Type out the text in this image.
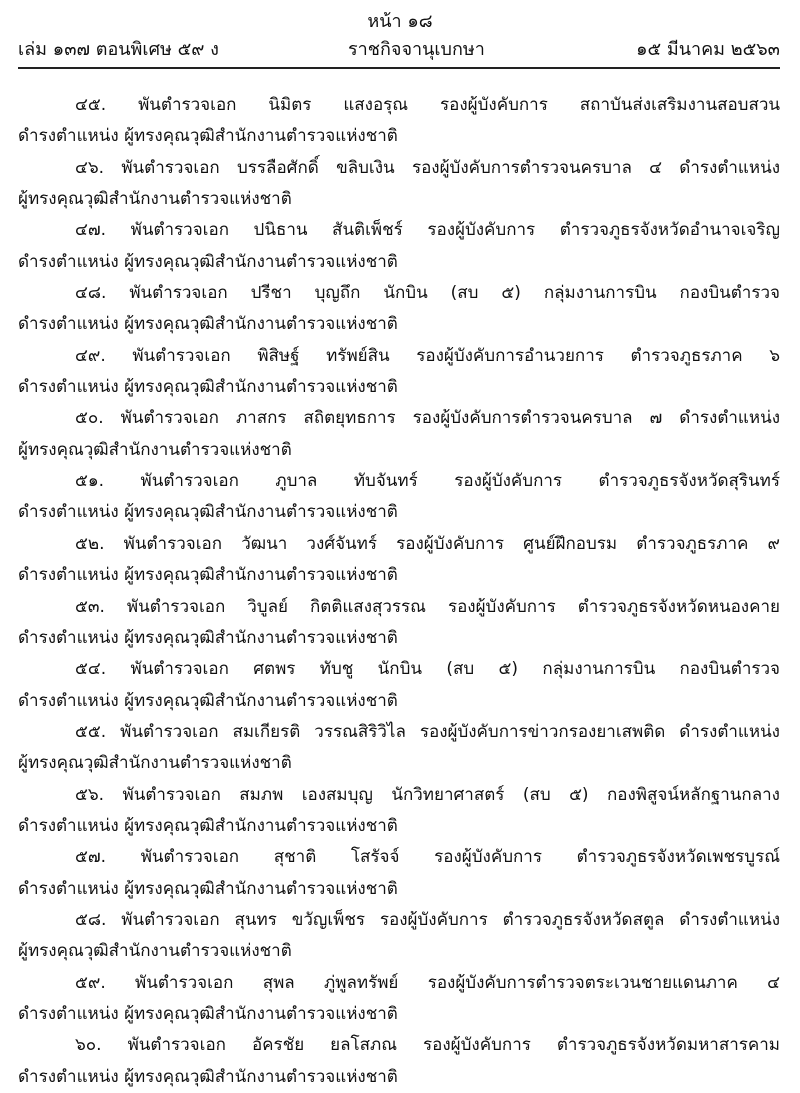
หน้า ๑๘
เล่ม ๑๓๗ ตอนพิเศษ ๕๙ ง	ราชกิจจานุเบกษา	๑๕ มีนาคม ๒๕๖๓
๔๕. พันตำรวจเอก นิมิตร แสงอรุณ รองผู้บังคับการ สถาบันส่งเสริมงานสอบสวน
ดำรงตำแหน่ง ผู้ทรงคุณวุฒิสำนักงานตำรวจแห่งชาติ
๔๖. พันตำรวจเอก บรรลือศักดิ์ ขลิบเงิน รองผู้บังคับการตำรวจนครบาล ๔ ดำรงตำแหน่ง
ผู้ทรงคุณวุฒิสำนักงานตำรวจแห่งชาติ
๔๗. พันตำรวจเอก ปนิธาน สันติเพ็ชร์ รองผู้บังคับการ ตำรวจภูธรจังหวัดอำนาจเจริญ
ดำรงตำแหน่ง ผู้ทรงคุณวุฒิสำนักงานตำรวจแห่งชาติ
๔๘. พันตำรวจเอก ปรีชา บุญถึก นักบิน (สบ ๕) กลุ่มงานการบิน กองบินตำรวจ
ดำรงตำแหน่ง ผู้ทรงคุณวุฒิสำนักงานตำรวจแห่งชาติ
๔๙. พันตำรวจเอก พิสิษฐ์ ทรัพย์สิน รองผู้บังคับการอำนวยการ ตำรวจภูธรภาค ๖
ดำรงตำแหน่ง ผู้ทรงคุณวุฒิสำนักงานตำรวจแห่งชาติ
๕๐. พันตำรวจเอก ภาสกร สถิตยุทธการ รองผู้บังคับการตำรวจนครบาล ๗ ดำรงตำแหน่ง
ผู้ทรงคุณวุฒิสำนักงานตำรวจแห่งชาติ
๕๑. พันตำรวจเอก ภูบาล ทับจันทร์ รองผู้บังคับการ ตำรวจภูธรจังหวัดสุรินทร์
ดำรงตำแหน่ง ผู้ทรงคุณวุฒิสำนักงานตำรวจแห่งชาติ
๕๒. พันตำรวจเอก วัฒนา วงศ์จันทร์ รองผู้บังคับการ ศูนย์ฝึกอบรม ตำรวจภูธรภาค ๙
ดำรงตำแหน่ง ผู้ทรงคุณวุฒิสำนักงานตำรวจแห่งชาติ
๕๓. พันตำรวจเอก วิบูลย์ กิตติแสงสุวรรณ รองผู้บังคับการ ตำรวจภูธรจังหวัดหนองคาย
ดำรงตำแหน่ง ผู้ทรงคุณวุฒิสำนักงานตำรวจแห่งชาติ
๕๔. พันตำรวจเอก ศตพร ทับชู นักบิน (สบ ๕) กลุ่มงานการบิน กองบินตำรวจ
ดำรงตำแหน่ง ผู้ทรงคุณวุฒิสำนักงานตำรวจแห่งชาติ
๕๕. พันตำรวจเอก สมเกียรติ วรรณสิริวิไล รองผู้บังคับการข่าวกรองยาเสพติด ดำรงตำแหน่ง
ผู้ทรงคุณวุฒิสำนักงานตำรวจแห่งชาติ
๕๖. พันตำรวจเอก สมภพ เองสมบุญ นักวิทยาศาสตร์ (สบ ๕) กองพิสูจน์หลักฐานกลาง
ดำรงตำแหน่ง ผู้ทรงคุณวุฒิสำนักงานตำรวจแห่งชาติ
๕๗. พันตำรวจเอก สุชาติ โสรัจจ์ รองผู้บังคับการ ตำรวจภูธรจังหวัดเพชรบูรณ์
ดำรงตำแหน่ง ผู้ทรงคุณวุฒิสำนักงานตำรวจแห่งชาติ
๕๘. พันตำรวจเอก สุนทร ขวัญเพ็ชร รองผู้บังคับการ ตำรวจภูธรจังหวัดสตูล ดำรงตำแหน่ง
ผู้ทรงคุณวุฒิสำนักงานตำรวจแห่งชาติ
๕๙. พันตำรวจเอก สุพล ภู่พูลทรัพย์ รองผู้บังคับการตำรวจตระเวนชายแดนภาค ๔
ดำรงตำแหน่ง ผู้ทรงคุณวุฒิสำนักงานตำรวจแห่งชาติ
๖๐. พันตำรวจเอก อัครชัย ยลโสภณ รองผู้บังคับการ ตำรวจภูธรจังหวัดมหาสารคาม
ดำรงตำแหน่ง ผู้ทรงคุณวุฒิสำนักงานตำรวจแห่งชาติ
